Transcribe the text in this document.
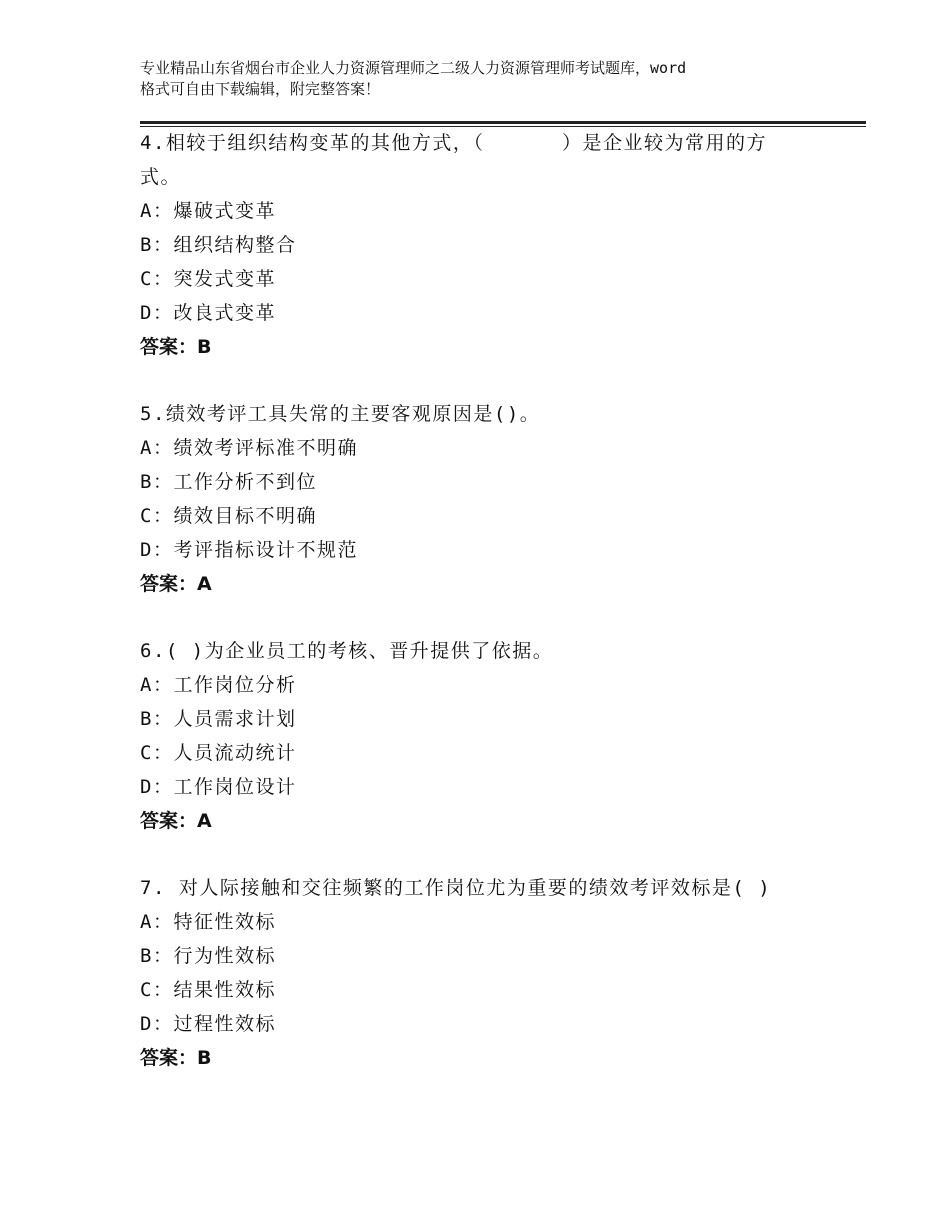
专业精品山东省烟台市企业人力资源管理师之二级人力资源管理师考试题库，word
格式可自由下载编辑，附完整答案！
4.相较于组织结构变革的其他方式，（      ）是企业较为常用的方式。
A：爆破式变革
B：组织结构整合
C：突发式变革
D：改良式变革
答案：B
5.绩效考评工具失常的主要客观原因是()。
A：绩效考评标准不明确
B：工作分析不到位
C：绩效目标不明确
D：考评指标设计不规范
答案：A
6.( )为企业员工的考核、晋升提供了依据。
A：工作岗位分析
B：人员需求计划
C：人员流动统计
D：工作岗位设计
答案：A
7. 对人际接触和交往频繁的工作岗位尤为重要的绩效考评效标是( )
A：特征性效标
B：行为性效标
C：结果性效标
D：过程性效标
答案：B
